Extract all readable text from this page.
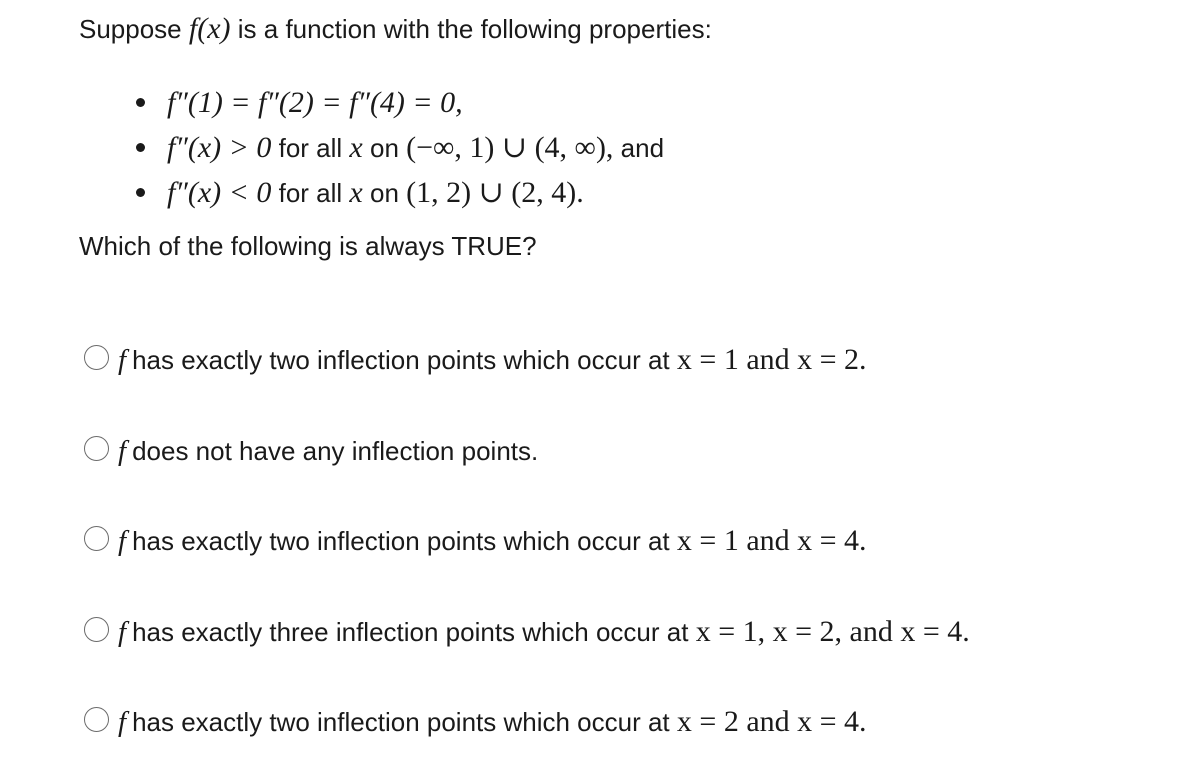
Suppose f(x) is a function with the following properties:
f″(1) = f″(2) = f″(4) = 0,
f″(x) > 0 for all x on (−∞, 1) ∪ (4, ∞), and
f″(x) < 0 for all x on (1, 2) ∪ (2, 4).
Which of the following is always TRUE?
f has exactly two inflection points which occur at x = 1 and x = 2.
f does not have any inflection points.
f has exactly two inflection points which occur at x = 1 and x = 4.
f has exactly three inflection points which occur at x = 1, x = 2, and x = 4.
f has exactly two inflection points which occur at x = 2 and x = 4.
